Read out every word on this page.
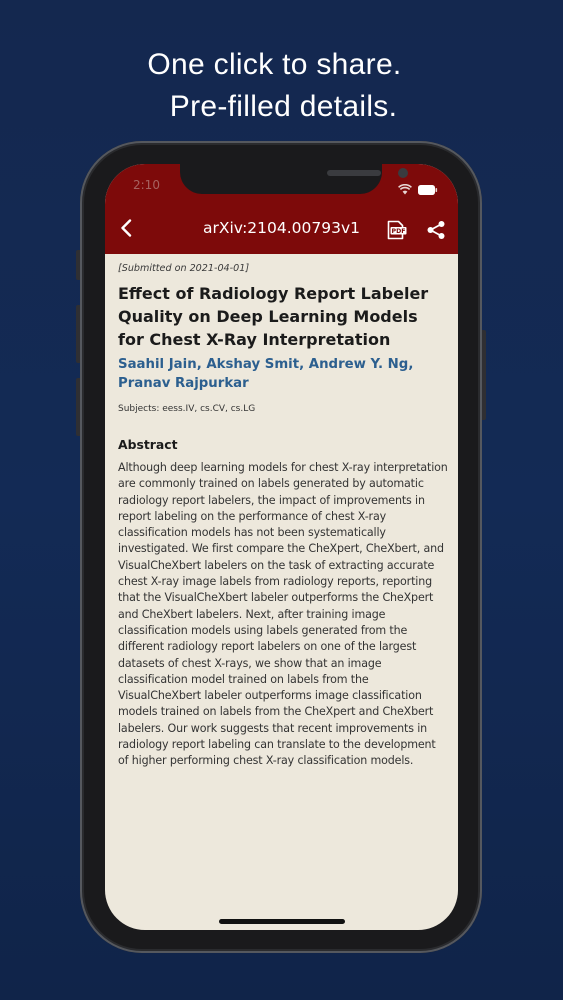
One click to share.
Pre-filled details.
2:10
arXiv:2104.00793v1	PDF
[Submitted on 2021-04-01]
Effect of Radiology Report Labeler Quality on Deep Learning Models for Chest X-Ray Interpretation
Saahil Jain, Akshay Smit, Andrew Y. Ng, Pranav Rajpurkar
Subjects: eess.IV, cs.CV, cs.LG
Abstract
Although deep learning models for chest X-ray interpretation are commonly trained on labels generated by automatic radiology report labelers, the impact of improvements in report labeling on the performance of chest X-ray classification models has not been systematically investigated. We first compare the CheXpert, CheXbert, and VisualCheXbert labelers on the task of extracting accurate chest X-ray image labels from radiology reports, reporting that the VisualCheXbert labeler outperforms the CheXpert and CheXbert labelers. Next, after training image classification models using labels generated from the different radiology report labelers on one of the largest datasets of chest X-rays, we show that an image classification model trained on labels from the VisualCheXbert labeler outperforms image classification models trained on labels from the CheXpert and CheXbert labelers. Our work suggests that recent improvements in radiology report labeling can translate to the development of higher performing chest X-ray classification models.
